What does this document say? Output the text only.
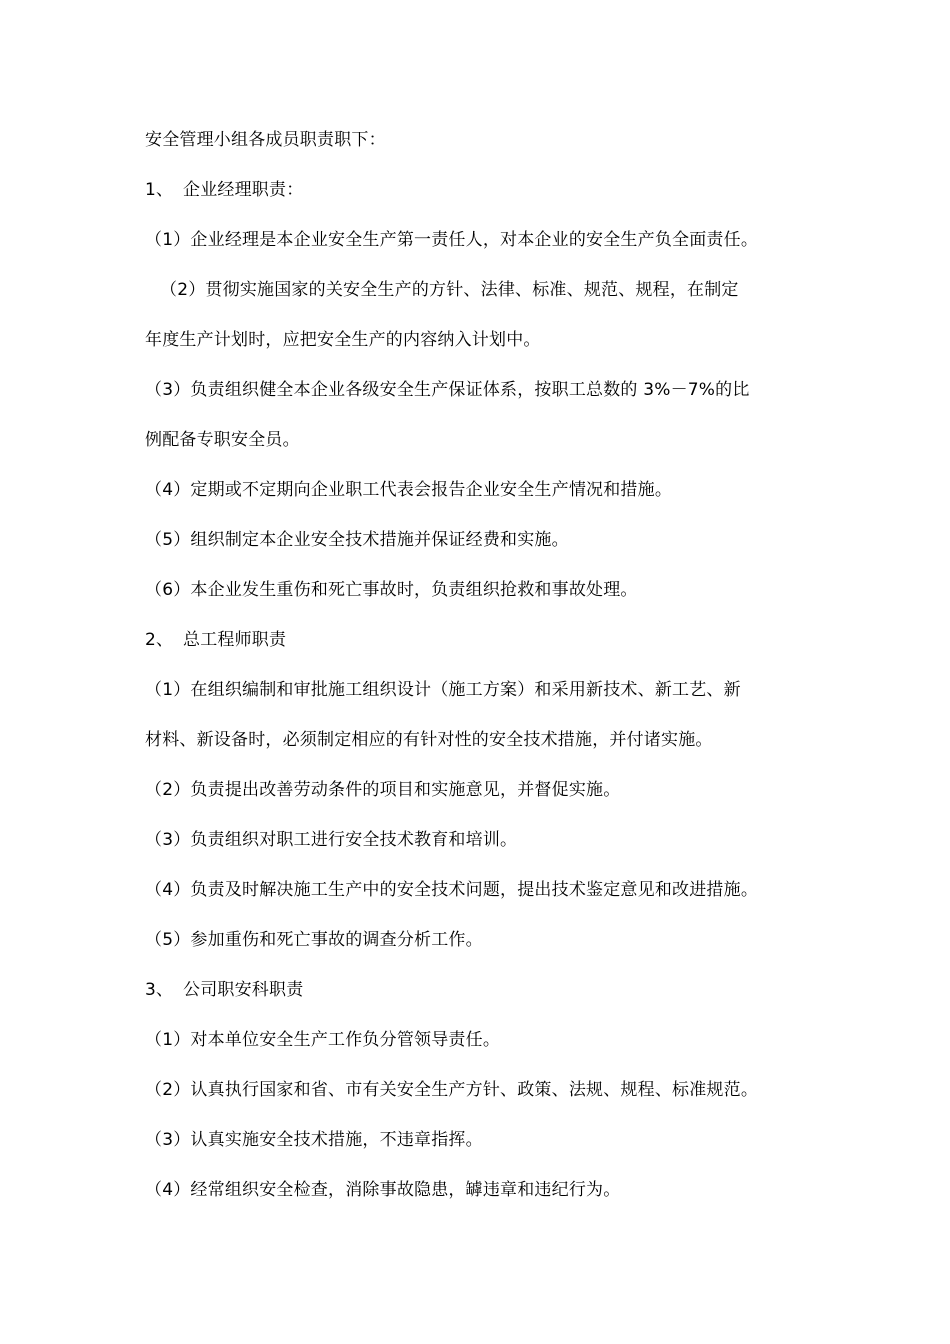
安全管理小组各成员职责职下：
1、 企业经理职责：
（1）企业经理是本企业安全生产第一责任人，对本企业的安全生产负全面责任。
（2）贯彻实施国家的关安全生产的方针、法律、标准、规范、规程，在制定
年度生产计划时，应把安全生产的内容纳入计划中。
（3）负责组织健全本企业各级安全生产保证体系，按职工总数的 3%－7%的比
例配备专职安全员。
（4）定期或不定期向企业职工代表会报告企业安全生产情况和措施。
（5）组织制定本企业安全技术措施并保证经费和实施。
（6）本企业发生重伤和死亡事故时，负责组织抢救和事故处理。
2、 总工程师职责
（1）在组织编制和审批施工组织设计（施工方案）和采用新技术、新工艺、新
材料、新设备时，必须制定相应的有针对性的安全技术措施，并付诸实施。
（2）负责提出改善劳动条件的项目和实施意见，并督促实施。
（3）负责组织对职工进行安全技术教育和培训。
（4）负责及时解决施工生产中的安全技术问题，提出技术鉴定意见和改进措施。
（5）参加重伤和死亡事故的调查分析工作。
3、 公司职安科职责
（1）对本单位安全生产工作负分管领导责任。
（2）认真执行国家和省、市有关安全生产方针、政策、法规、规程、标准规范。
（3）认真实施安全技术措施，不违章指挥。
（4）经常组织安全检查，消除事故隐患，罅违章和违纪行为。
